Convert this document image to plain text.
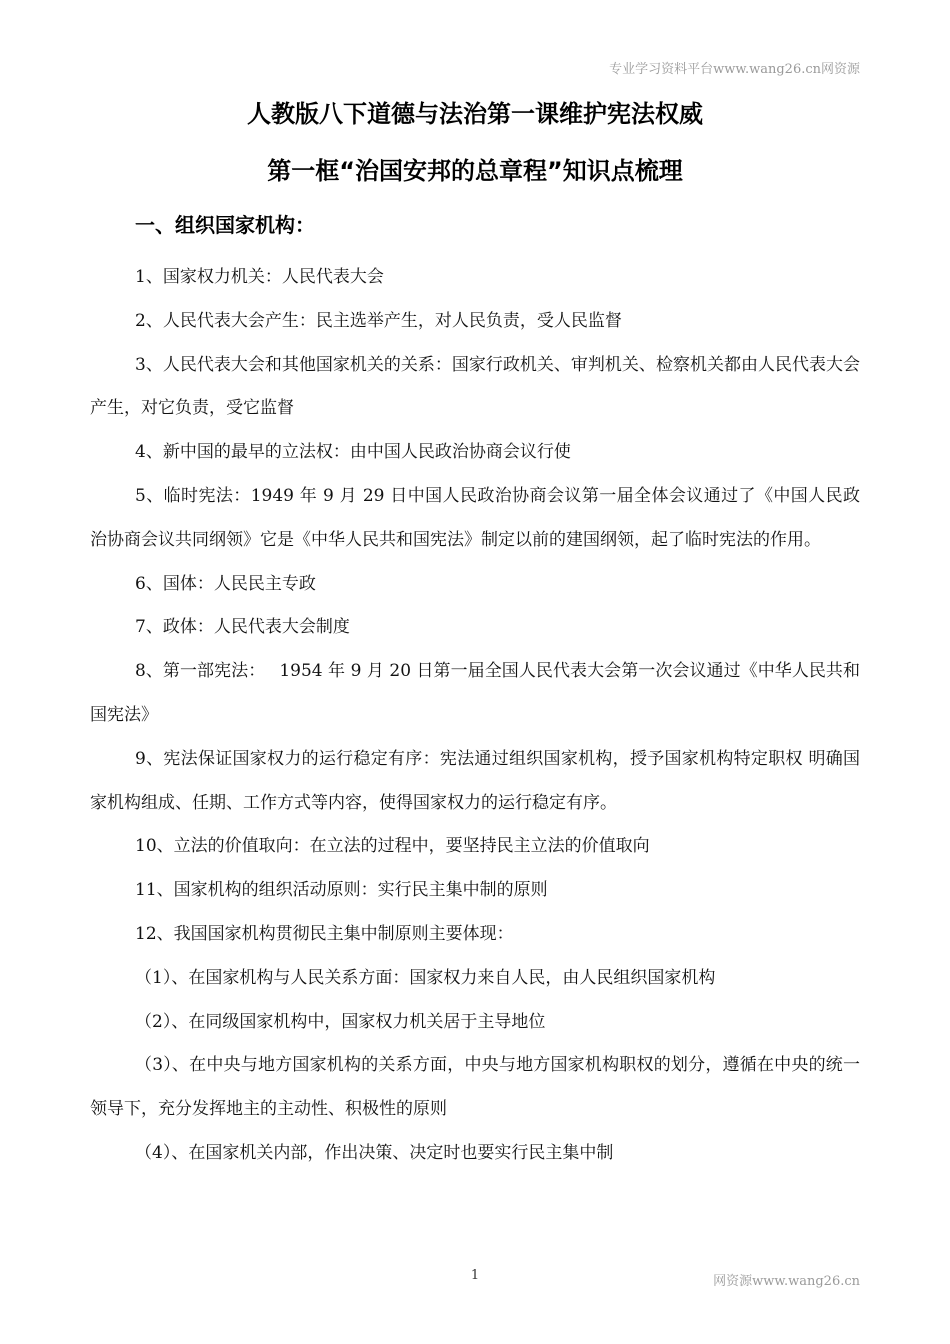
专业学习资料平台www.wang26.cn网资源
人教版八下道德与法治第一课维护宪法权威
第一框“治国安邦的总章程”知识点梳理
一、组织国家机构：

1、国家权力机关：人民代表大会

2、人民代表大会产生：民主选举产生，对人民负责，受人民监督

3、人民代表大会和其他国家机关的关系：国家行政机关、审判机关、检察机关都由人民代表大会产生，对它负责，受它监督

4、新中国的最早的立法权：由中国人民政治协商会议行使

5、临时宪法：1949 年 9 月 29 日中国人民政治协商会议第一届全体会议通过了《中国人民政治协商会议共同纲领》它是《中华人民共和国宪法》制定以前的建国纲领，起了临时宪法的作用。

6、国体：人民民主专政

7、政体：人民代表大会制度

8、第一部宪法：　 1954 年 9 月 20 日第一届全国人民代表大会第一次会议通过《中华人民共和国宪法》

9、宪法保证国家权力的运行稳定有序：宪法通过组织国家机构，授予国家机构特定职权 明确国家机构组成、任期、工作方式等内容，使得国家权力的运行稳定有序。

10、立法的价值取向：在立法的过程中，要坚持民主立法的价值取向

11、国家机构的组织活动原则：实行民主集中制的原则

12、我国国家机构贯彻民主集中制原则主要体现：

（1）、在国家机构与人民关系方面：国家权力来自人民，由人民组织国家机构

（2）、在同级国家机构中，国家权力机关居于主导地位

（3）、在中央与地方国家机构的关系方面，中央与地方国家机构职权的划分，遵循在中央的统一领导下，充分发挥地主的主动性、积极性的原则

（4）、在国家机关内部，作出决策、决定时也要实行民主集中制

1	网资源www.wang26.cn
